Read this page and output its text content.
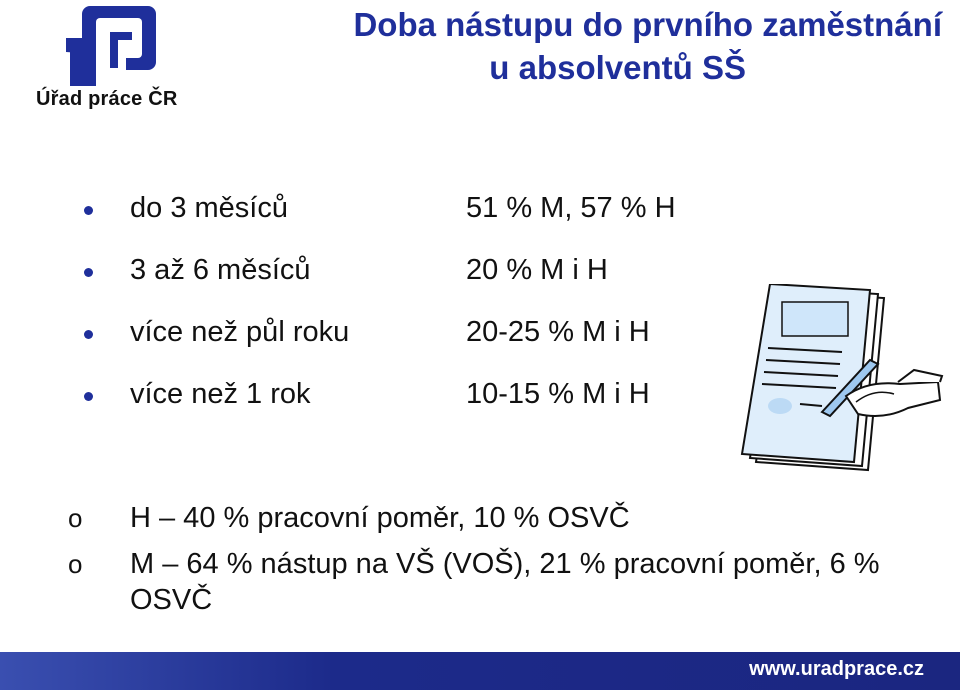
Úřad práce ČR
Doba nástupu do prvního zaměstnání
u absolventů SŠ
do 3 měsíců	51 % M, 57 % H
3 až 6 měsíců	20 % M i H
více než půl roku	20-25 % M i H
více než 1 rok	10-15 % M i H
o H – 40 % pracovní poměr, 10 % OSVČ
o M – 64 % nástup na VŠ (VOŠ), 21 % pracovní poměr, 6 % OSVČ
www.uradprace.cz
